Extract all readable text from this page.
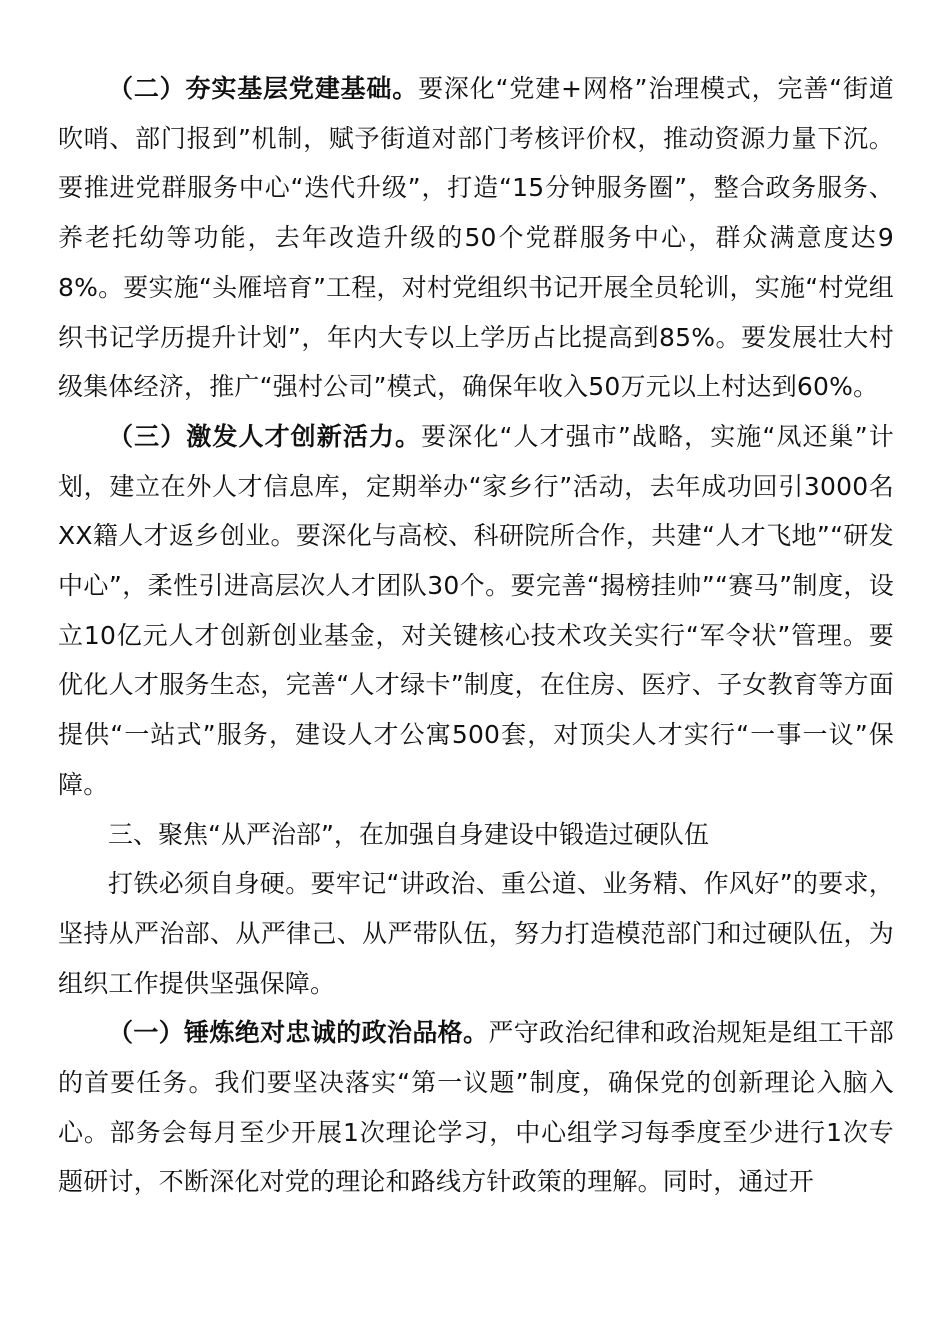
（二）夯实基层党建基础。要深化“党建+网格”治理模式，完善“街道吹哨、部门报到”机制，赋予街道对部门考核评价权，推动资源力量下沉。要推进党群服务中心“迭代升级”，打造“15分钟服务圈”，整合政务服务、养老托幼等功能，去年改造升级的50个党群服务中心，群众满意度达98%。要实施“头雁培育”工程，对村党组织书记开展全员轮训，实施“村党组织书记学历提升计划”，年内大专以上学历占比提高到85%。要发展壮大村级集体经济，推广“强村公司”模式，确保年收入50万元以上村达到60%。

（三）激发人才创新活力。要深化“人才强市”战略，实施“凤还巢”计划，建立在外人才信息库，定期举办“家乡行”活动，去年成功回引3000名XX籍人才返乡创业。要深化与高校、科研院所合作，共建“人才飞地”“研发中心”，柔性引进高层次人才团队30个。要完善“揭榜挂帅”“赛马”制度，设立10亿元人才创新创业基金，对关键核心技术攻关实行“军令状”管理。要优化人才服务生态，完善“人才绿卡”制度，在住房、医疗、子女教育等方面提供“一站式”服务，建设人才公寓500套，对顶尖人才实行“一事一议”保障。

三、聚焦“从严治部”，在加强自身建设中锻造过硬队伍

打铁必须自身硬。要牢记“讲政治、重公道、业务精、作风好”的要求，坚持从严治部、从严律己、从严带队伍，努力打造模范部门和过硬队伍，为组织工作提供坚强保障。

（一）锤炼绝对忠诚的政治品格。严守政治纪律和政治规矩是组工干部的首要任务。我们要坚决落实“第一议题”制度，确保党的创新理论入脑入心。部务会每月至少开展1次理论学习，中心组学习每季度至少进行1次专题研讨，不断深化对党的理论和路线方针政策的理解。同时，通过开
